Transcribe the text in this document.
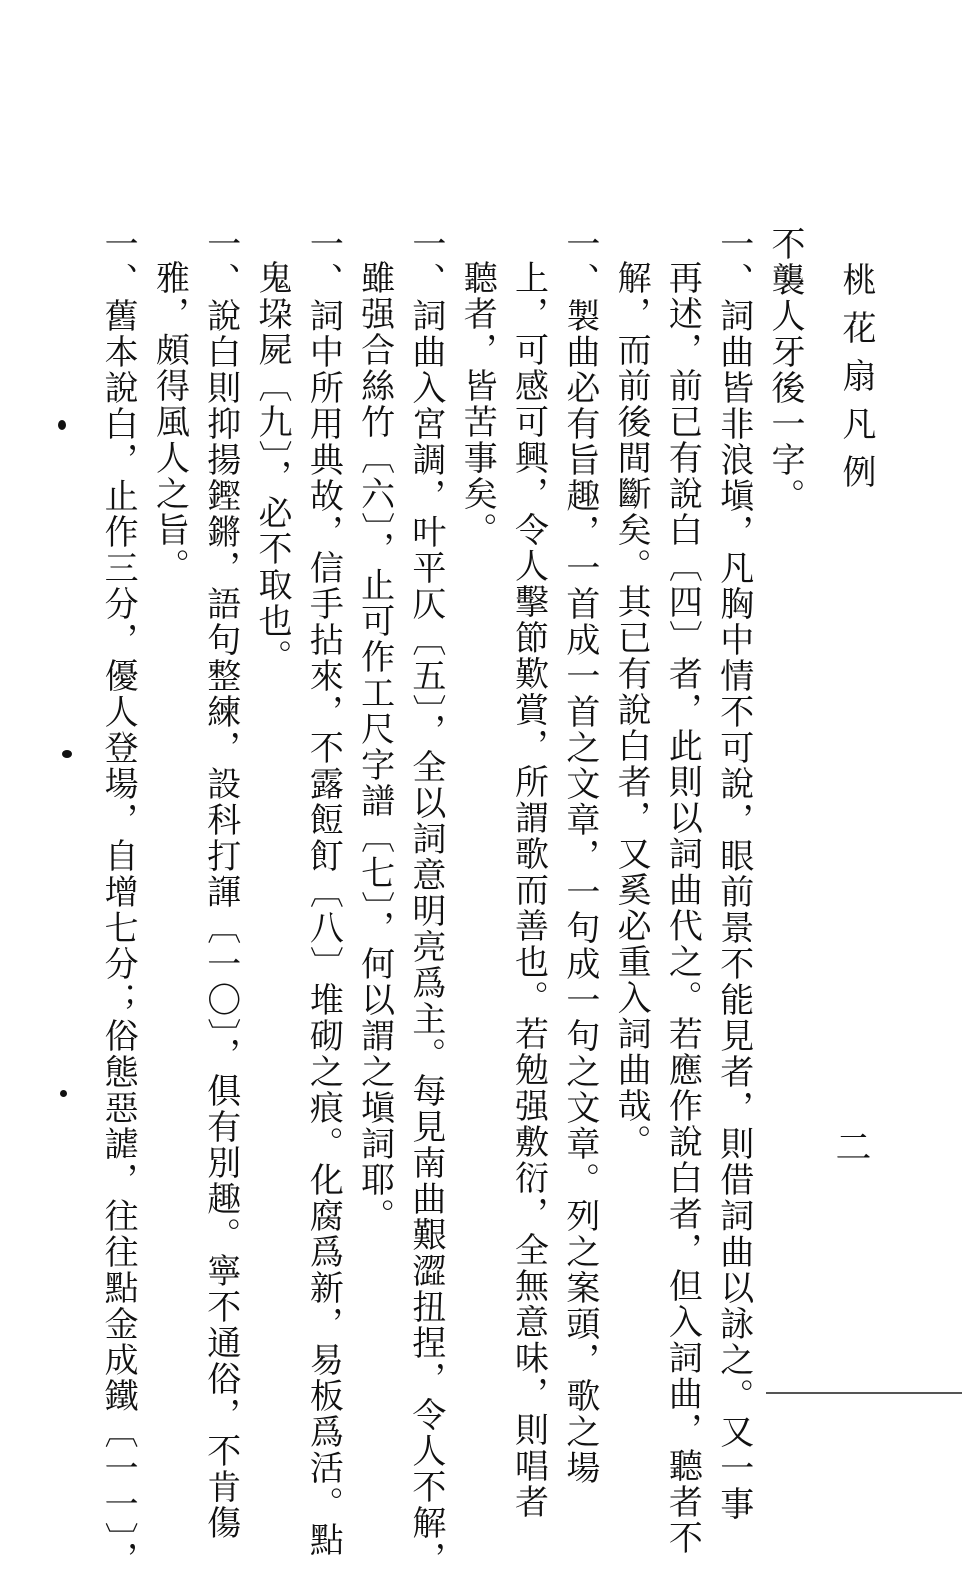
桃花扇凡例
二
不襲人牙後一字。
一、詞曲皆非浪塡，凡胸中情不可說，眼前景不能見者，則借詞曲以詠之。又一事
再述，前已有說白〔四〕者，此則以詞曲代之。若應作說白者，但入詞曲，聽者不
解，而前後間斷矣。其已有說白者，又奚必重入詞曲哉。
一、製曲必有旨趣，一首成一首之文章，一句成一句之文章。列之案頭，歌之場
上，可感可興，令人擊節歎賞，所謂歌而善也。若勉强敷衍，全無意味，則唱者
聽者，皆苦事矣。
一、詞曲入宮調，叶平仄〔五〕，全以詞意明亮爲主。每見南曲艱澀扭捏，令人不解，
雖强合絲竹〔六〕，止可作工尺字譜〔七〕，何以謂之塡詞耶。
一、詞中所用典故，信手拈來，不露餖飣〔八〕堆砌之痕。化腐爲新，易板爲活。點
鬼垜屍〔九〕，必不取也。
一、說白則抑揚鏗鏘，語句整練，設科打諢〔一〇〕，俱有別趣。寧不通俗，不肯傷
雅，頗得風人之旨。
一、舊本說白，止作三分，優人登場，自增七分；俗態惡謔，往往點金成鐵〔一一〕，
